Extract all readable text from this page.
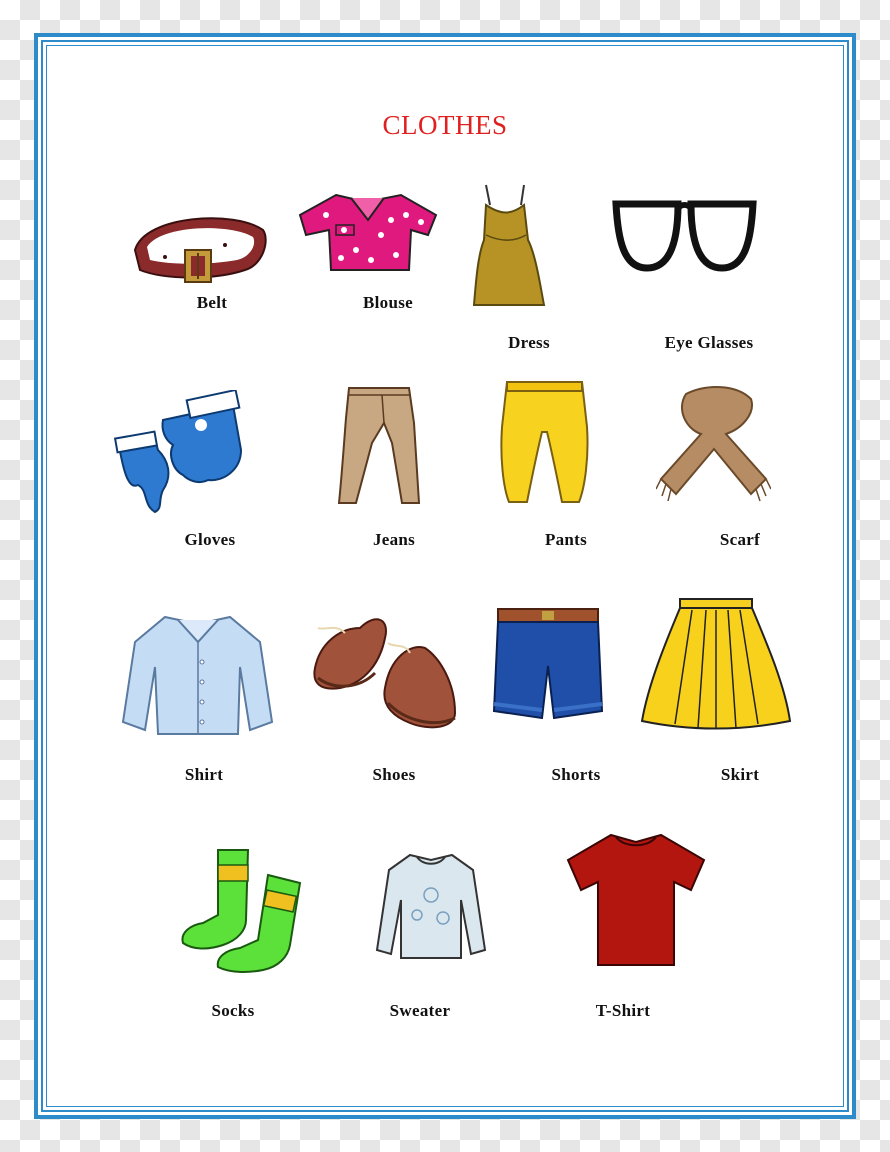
CLOTHES
Belt	Blouse
Dress	Eye Glasses
Gloves	Jeans	Pants	Scarf
Shirt	Shoes	Shorts	Skirt
Socks	Sweater	T-Shirt
